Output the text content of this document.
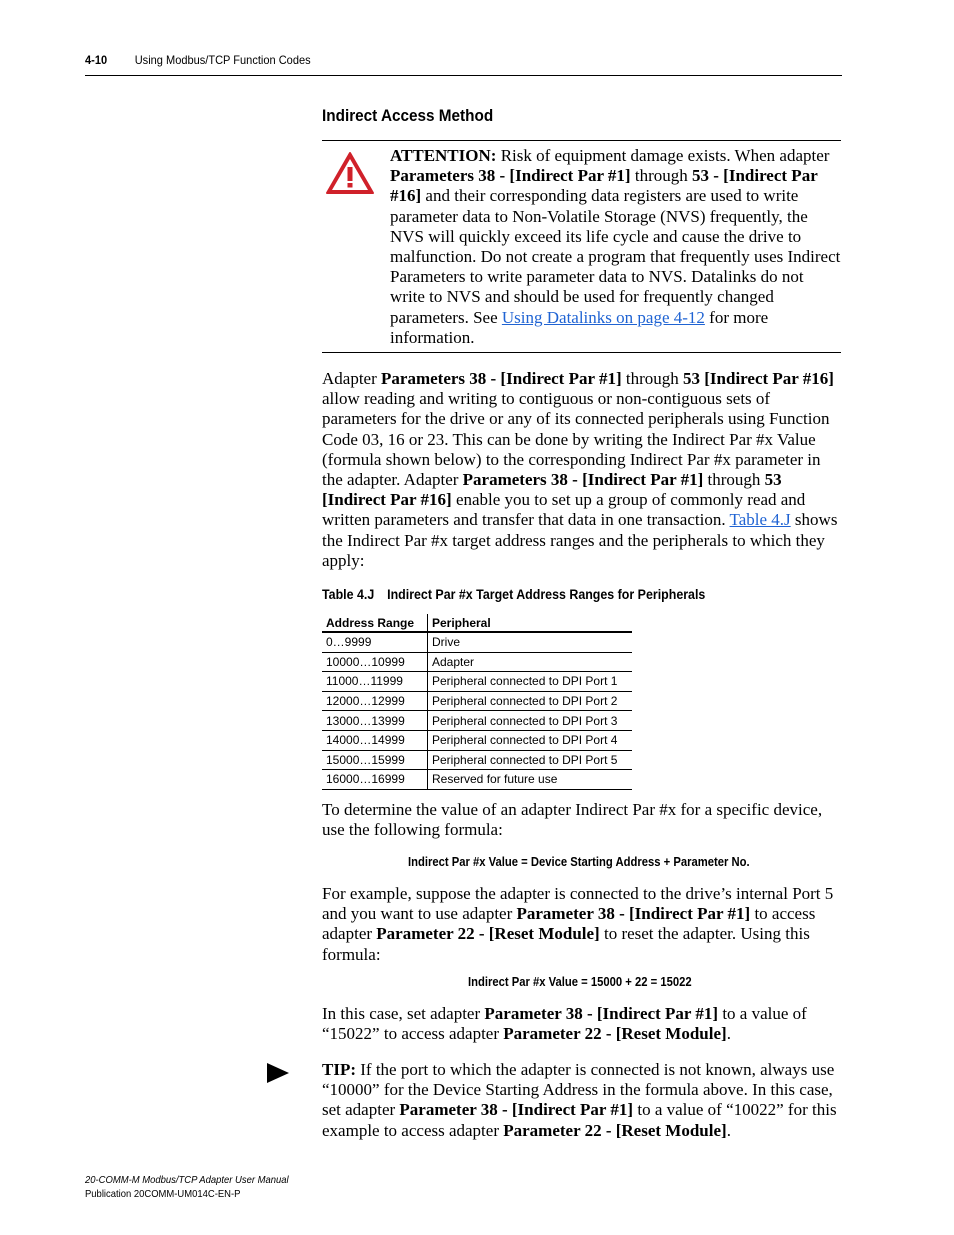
4-10 Using Modbus/TCP Function Codes
Indirect Access Method
ATTENTION: Risk of equipment damage exists. When adapter Parameters 38 - [Indirect Par #1] through 53 - [Indirect Par #16] and their corresponding data registers are used to write parameter data to Non-Volatile Storage (NVS) frequently, the NVS will quickly exceed its life cycle and cause the drive to malfunction. Do not create a program that frequently uses Indirect Parameters to write parameter data to NVS. Datalinks do not write to NVS and should be used for frequently changed parameters. See Using Datalinks on page 4-12 for more information.
Adapter Parameters 38 - [Indirect Par #1] through 53 [Indirect Par #16] allow reading and writing to contiguous or non-contiguous sets of parameters for the drive or any of its connected peripherals using Function Code 03, 16 or 23. This can be done by writing the Indirect Par #x Value (formula shown below) to the corresponding Indirect Par #x parameter in the adapter. Adapter Parameters 38 - [Indirect Par #1] through 53 [Indirect Par #16] enable you to set up a group of commonly read and written parameters and transfer that data in one transaction. Table 4.J shows the Indirect Par #x target address ranges and the peripherals to which they apply:
Table 4.J Indirect Par #x Target Address Ranges for Peripherals
Address Range	Peripheral
0…9999	Drive
10000…10999	Adapter
11000…11999	Peripheral connected to DPI Port 1
12000…12999	Peripheral connected to DPI Port 2
13000…13999	Peripheral connected to DPI Port 3
14000…14999	Peripheral connected to DPI Port 4
15000…15999	Peripheral connected to DPI Port 5
16000…16999	Reserved for future use
To determine the value of an adapter Indirect Par #x for a specific device, use the following formula:
Indirect Par #x Value = Device Starting Address + Parameter No.
For example, suppose the adapter is connected to the drive’s internal Port 5 and you want to use adapter Parameter 38 - [Indirect Par #1] to access adapter Parameter 22 - [Reset Module] to reset the adapter. Using this formula:
Indirect Par #x Value = 15000 + 22 = 15022
In this case, set adapter Parameter 38 - [Indirect Par #1] to a value of “15022” to access adapter Parameter 22 - [Reset Module].
TIP: If the port to which the adapter is connected is not known, always use “10000” for the Device Starting Address in the formula above. In this case, set adapter Parameter 38 - [Indirect Par #1] to a value of “10022” for this example to access adapter Parameter 22 - [Reset Module].
20-COMM-M Modbus/TCP Adapter User Manual
Publication 20COMM-UM014C-EN-P
